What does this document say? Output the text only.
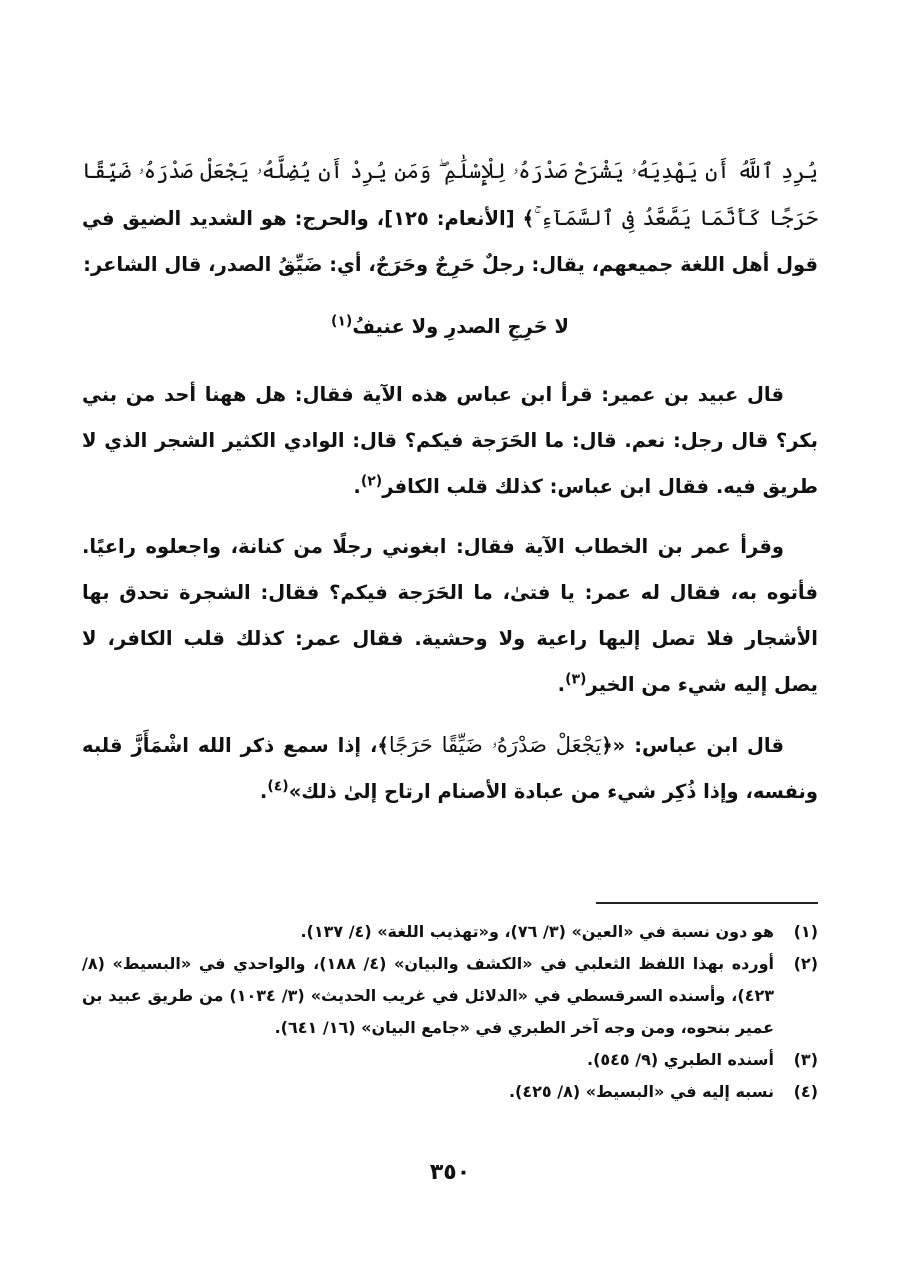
يُرِدِ ٱللَّهُ أَن يَهْدِيَهُۥ يَشْرَحْ صَدْرَهُۥ لِلْإِسْلَٰمِ ۖ وَمَن يُرِدْ أَن يُضِلَّهُۥ يَجْعَلْ صَدْرَهُۥ ضَيِّقًا حَرَجًا كَأَنَّمَا يَصَّعَّدُ فِى ٱلسَّمَآءِ ۚ﴾ [الأنعام: ١٢٥]، والحرج: هو الشديد الضيق في قول أهل اللغة جميعهم، يقال: رجلٌ حَرِجٌ وحَرَجٌ، أي: ضَيِّقُ الصدر، قال الشاعر:

لا حَرِجِ الصدرِ ولا عنيفُ$^{(١)}$

قال عبيد بن عمير: قرأ ابن عباس هذه الآية فقال: هل ههنا أحد من بني بكر؟ قال رجل: نعم. قال: ما الحَرَجة فيكم؟ قال: الوادي الكثير الشجر الذي لا طريق فيه. فقال ابن عباس: كذلك قلب الكافر$^{(٢)}$.

وقرأ عمر بن الخطاب الآية فقال: ابغوني رجلًا من كنانة، واجعلوه راعيًا. فأتوه به، فقال له عمر: يا فتىٰ، ما الحَرَجة فيكم؟ فقال: الشجرة تحدق بها الأشجار فلا تصل إليها راعية ولا وحشية. فقال عمر: كذلك قلب الكافر، لا يصل إليه شيء من الخير$^{(٣)}$.

قال ابن عباس: «﴿يَجْعَلْ صَدْرَهُۥ ضَيِّقًا حَرَجًا﴾، إذا سمع ذكر الله اشْمَأَزَّ قلبه ونفسه، وإذا ذُكِر شيء من عبادة الأصنام ارتاح إلىٰ ذلك»$^{(٤)}$.

(١)
هو دون نسبة في «العين» (٣/ ٧٦)، و«تهذيب اللغة» (٤/ ١٣٧).
(٢)
أورده بهذا اللفظ الثعلبي في «الكشف والبيان» (٤/ ١٨٨)، والواحدي في «البسيط» (٨/ ٤٢٣)، وأسنده السرقسطي في «الدلائل في غريب الحديث» (٣/ ١٠٣٤) من طريق عبيد بن عمير بنحوه، ومن وجه آخر الطبري في «جامع البيان» (١٦/ ٦٤١).
(٣)
أسنده الطبري (٩/ ٥٤٥).
(٤)
نسبه إليه في «البسيط» (٨/ ٤٢٥).
٣٥٠
